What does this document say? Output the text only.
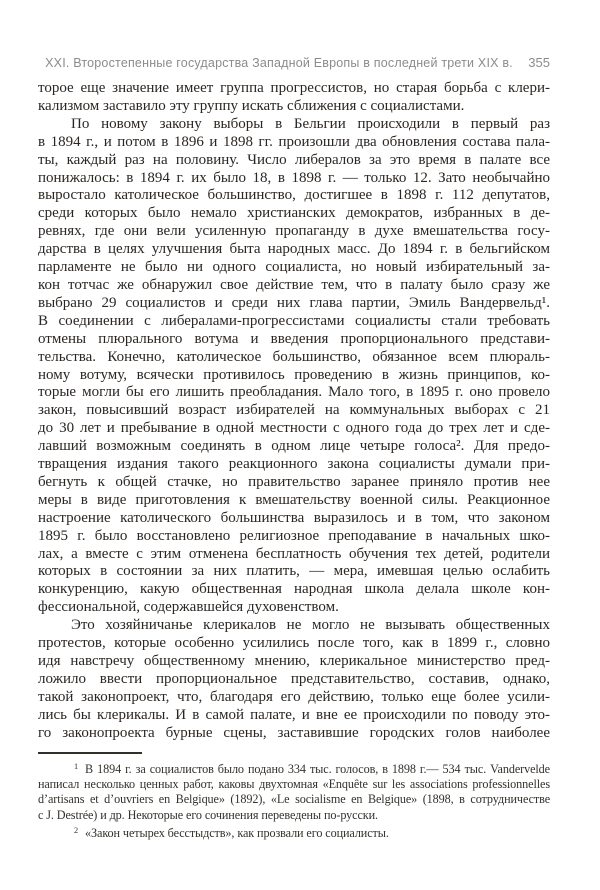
XXI. Второстепенные государства Западной Европы в последней трети XIX в.	355
торое еще значение имеет группа прогрессистов, но старая борьба с клери-
кализмом заставило эту группу искать сближения с социалистами.
По новому закону выборы в Бельгии происходили в первый раз
в 1894 г., и потом в 1896 и 1898 гг. произошли два обновления состава пала-
ты, каждый раз на половину. Число либералов за это время в палате все
понижалось: в 1894 г. их было 18, в 1898 г. — только 12. Зато необычайно
выростало католическое большинство, достигшее в 1898 г. 112 депутатов,
среди которых было немало христианских демократов, избранных в де-
ревнях, где они вели усиленную пропаганду в духе вмешательства госу-
дарства в целях улучшения быта народных масс. До 1894 г. в бельгийском
парламенте не было ни одного социалиста, но новый избирательный за-
кон тотчас же обнаружил свое действие тем, что в палату было сразу же
выбрано 29 социалистов и среди них глава партии, Эмиль Вандервельд¹.
В соединении с либералами-прогрессистами социалисты стали требовать
отмены плюрального вотума и введения пропорционального представи-
тельства. Конечно, католическое большинство, обязанное всем плюраль-
ному вотуму, всячески противилось проведению в жизнь принципов, ко-
торые могли бы его лишить преобладания. Мало того, в 1895 г. оно провело
закон, повысивший возраст избирателей на коммунальных выборах с 21
до 30 лет и пребывание в одной местности с одного года до трех лет и сде-
лавший возможным соединять в одном лице четыре голоса². Для предо-
твращения издания такого реакционного закона социалисты думали при-
бегнуть к общей стачке, но правительство заранее приняло против нее
меры в виде приготовления к вмешательству военной силы. Реакционное
настроение католического большинства выразилось и в том, что законом
1895 г. было восстановлено религиозное преподавание в начальных шко-
лах, а вместе с этим отменена бесплатность обучения тех детей, родители
которых в состоянии за них платить, — мера, имевшая целью ослабить
конкуренцию, какую общественная народная школа делала школе кон-
фессиональной, содержавшейся духовенством.
Это хозяйничанье клерикалов не могло не вызывать общественных
протестов, которые особенно усилились после того, как в 1899 г., словно
идя навстречу общественному мнению, клерикальное министерство пред-
ложило ввести пропорциональное представительство, составив, однако,
такой законопроект, что, благодаря его действию, только еще более усили-
лись бы клерикалы. И в самой палате, и вне ее происходили по поводу это-
го законопроекта бурные сцены, заставившие городских голов наиболее
$^1$ В 1894 г. за социалистов было подано 334 тыс. голосов, в 1898 г.— 534 тыс. Vandervelde
написал несколько ценных работ, каковы двухтомная «Enquête sur les associations professionnelles
d’artisans et d’ouvriers en Belgique» (1892), «Le socialisme en Belgique» (1898, в сотрудничестве
с J. Destrée) и др. Некоторые его сочинения переведены по-русски.
$^2$ «Закон четырех бесстыдств», как прозвали его социалисты.
